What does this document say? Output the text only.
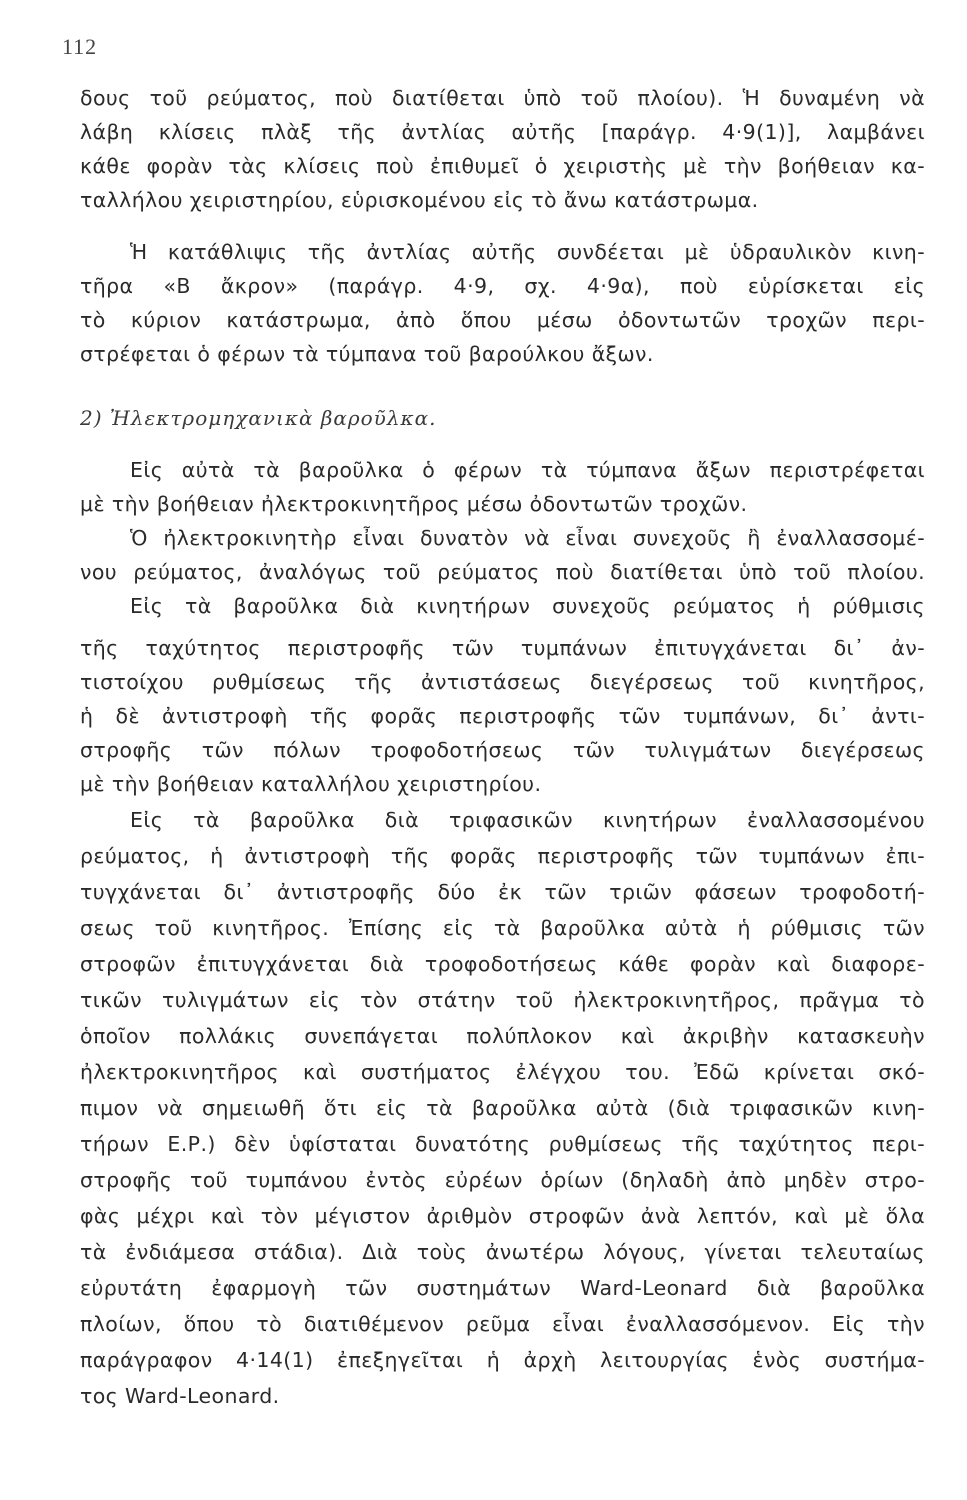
112
δους τοῦ ρεύματος, ποὺ διατίθεται ὑπὸ τοῦ πλοίου). Ἡ δυναμένη νὰ
λάβη κλίσεις πλὰξ τῆς ἀντλίας αὐτῆς [παράγρ. 4·9(1)], λαμβάνει
κάθε φορὰν τὰς κλίσεις ποὺ ἐπιθυμεῖ ὁ χειριστὴς μὲ τὴν βοήθειαν κα-
ταλλήλου χειριστηρίου, εὑρισκομένου εἰς τὸ ἄνω κατάστρωμα.
Ἡ κατάθλιψις τῆς ἀντλίας αὐτῆς συνδέεται μὲ ὑδραυλικὸν κινη-
τῆρα «Β ἄκρον» (παράγρ. 4·9, σχ. 4·9α), ποὺ εὑρίσκεται εἰς
τὸ κύριον κατάστρωμα, ἀπὸ ὅπου μέσω ὀδοντωτῶν τροχῶν περι-
στρέφεται ὁ φέρων τὰ τύμπανα τοῦ βαρούλκου ἄξων.
2) Ἠλεκτρομηχανικὰ βαροῦλκα.
Εἰς αὐτὰ τὰ βαροῦλκα ὁ φέρων τὰ τύμπανα ἄξων περιστρέφεται
μὲ τὴν βοήθειαν ἠλεκτροκινητῆρος μέσω ὀδοντωτῶν τροχῶν.
Ὁ ἠλεκτροκινητὴρ εἶναι δυνατὸν νὰ εἶναι συνεχοῦς ἢ ἐναλλασσομέ-
νου ρεύματος, ἀναλόγως τοῦ ρεύματος ποὺ διατίθεται ὑπὸ τοῦ πλοίου.
Εἰς τὰ βαροῦλκα διὰ κινητήρων συνεχοῦς ρεύματος ἡ ρύθμισις
τῆς ταχύτητος περιστροφῆς τῶν τυμπάνων ἐπιτυγχάνεται δι᾽ ἀν-
τιστοίχου ρυθμίσεως τῆς ἀντιστάσεως διεγέρσεως τοῦ κινητῆρος,
ἡ δὲ ἀντιστροφὴ τῆς φορᾶς περιστροφῆς τῶν τυμπάνων, δι᾽ ἀντι-
στροφῆς τῶν πόλων τροφοδοτήσεως τῶν τυλιγμάτων διεγέρσεως
μὲ τὴν βοήθειαν καταλλήλου χειριστηρίου.
Εἰς τὰ βαροῦλκα διὰ τριφασικῶν κινητήρων ἐναλλασσομένου
ρεύματος, ἡ ἀντιστροφὴ τῆς φορᾶς περιστροφῆς τῶν τυμπάνων ἐπι-
τυγχάνεται δι᾽ ἀντιστροφῆς δύο ἐκ τῶν τριῶν φάσεων τροφοδοτή-
σεως τοῦ κινητῆρος. Ἐπίσης εἰς τὰ βαροῦλκα αὐτὰ ἡ ρύθμισις τῶν
στροφῶν ἐπιτυγχάνεται διὰ τροφοδοτήσεως κάθε φορὰν καὶ διαφορε-
τικῶν τυλιγμάτων εἰς τὸν στάτην τοῦ ἠλεκτροκινητῆρος, πρᾶγμα τὸ
ὁποῖον πολλάκις συνεπάγεται πολύπλοκον καὶ ἀκριβὴν κατασκευὴν
ἠλεκτροκινητῆρος καὶ συστήματος ἐλέγχου του. Ἐδῶ κρίνεται σκό-
πιμον νὰ σημειωθῆ ὅτι εἰς τὰ βαροῦλκα αὐτὰ (διὰ τριφασικῶν κινη-
τήρων Ε.Ρ.) δὲν ὑφίσταται δυνατότης ρυθμίσεως τῆς ταχύτητος περι-
στροφῆς τοῦ τυμπάνου ἐντὸς εὐρέων ὁρίων (δηλαδὴ ἀπὸ μηδὲν στρο-
φὰς μέχρι καὶ τὸν μέγιστον ἀριθμὸν στροφῶν ἀνὰ λεπτόν, καὶ μὲ ὅλα
τὰ ἐνδιάμεσα στάδια). Διὰ τοὺς ἀνωτέρω λόγους, γίνεται τελευταίως
εὐρυτάτη ἐφαρμογὴ τῶν συστημάτων Ward-Leonard διὰ βαροῦλκα
πλοίων, ὅπου τὸ διατιθέμενον ρεῦμα εἶναι ἐναλλασσόμενον. Εἰς τὴν
παράγραφον 4·14(1) ἐπεξηγεῖται ἡ ἀρχὴ λειτουργίας ἑνὸς συστήμα-
τος Ward-Leonard.
